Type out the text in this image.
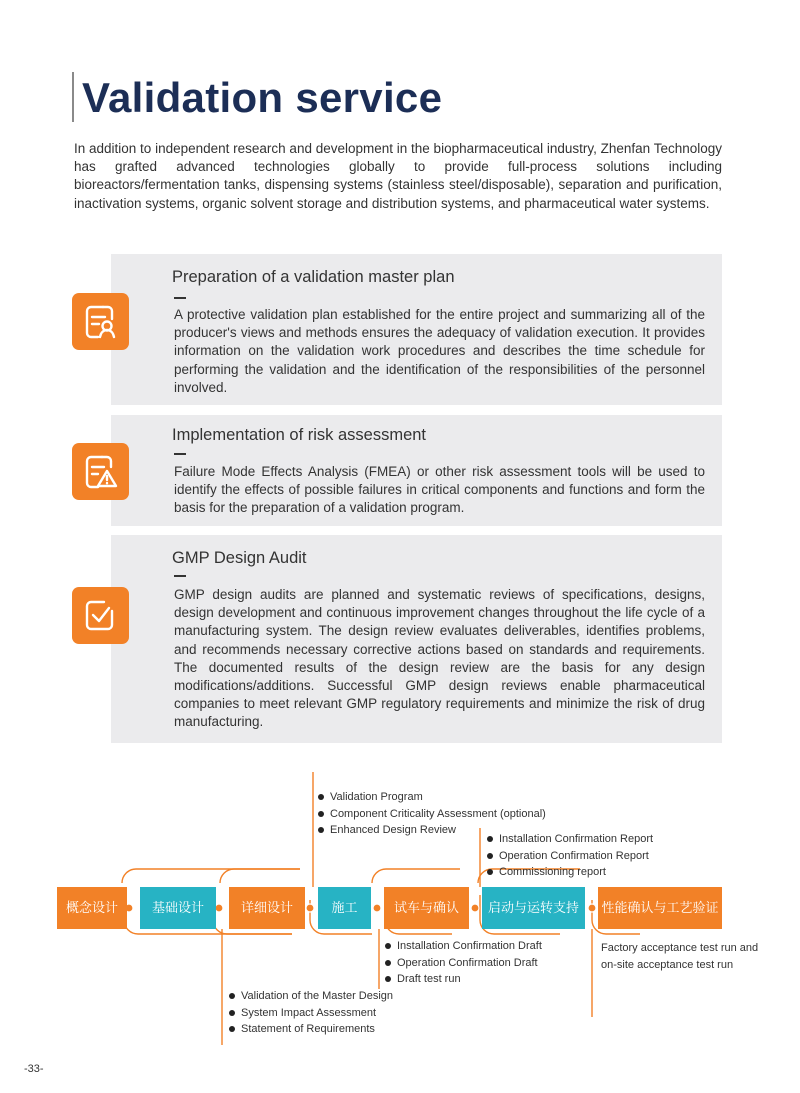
Validation service

In addition to independent research and development in the biopharmaceutical industry, Zhenfan Technology has grafted advanced technologies globally to provide full-process solutions including bioreactors/fermentation tanks, dispensing systems (stainless steel/disposable), separation and purification, inactivation systems, organic solvent storage and distribution systems, and pharmaceutical water systems.

Preparation of a validation master plan

A protective validation plan established for the entire project and summarizing all of the producer's views and methods ensures the adequacy of validation execution. It provides information on the validation work procedures and describes the time schedule for performing the validation and the identification of the responsibilities of the personnel involved.

Implementation of risk assessment

Failure Mode Effects Analysis (FMEA) or other risk assessment tools will be used to identify the effects of possible failures in critical components and functions and form the basis for the preparation of a validation program.

GMP Design Audit

GMP design audits are planned and systematic reviews of specifications, designs, design development and continuous improvement changes throughout the life cycle of a manufacturing system. The design review evaluates deliverables, identifies problems, and recommends necessary corrective actions based on standards and requirements. The documented results of the design review are the basis for any design modifications/additions. Successful GMP design reviews enable pharmaceutical companies to meet relevant GMP regulatory requirements and minimize the risk of drug manufacturing.

概念设计	基础设计	详细设计	施工	试车与确认	启动与运转支持	性能确认与工艺验证
Validation Program
Component Criticality Assessment (optional)
Enhanced Design Review
Installation Confirmation Report
Operation Confirmation Report
Commissioning report
Installation Confirmation Draft
Operation Confirmation Draft
Draft test run
Validation of the Master Design
System Impact Assessment
Statement of Requirements

Factory acceptance test run and on-site acceptance test run

-33-
